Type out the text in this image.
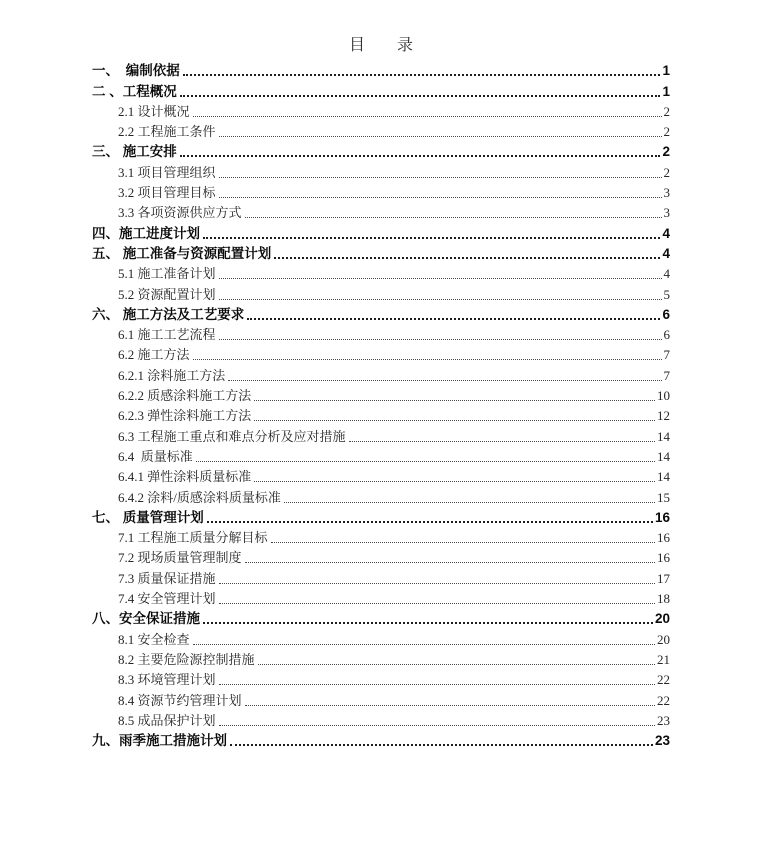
目　　录
一、　编制依据	1
二 、工程概况	1
2.1 设计概况	2
2.2 工程施工条件	2
三、 施工安排	2
3.1 项目管理组织	2
3.2 项目管理目标	3
3.3 各项资源供应方式	3
四、施工进度计划	4
五、 施工准备与资源配置计划	4
5.1 施工准备计划	4
5.2 资源配置计划	5
六、 施工方法及工艺要求	6
6.1 施工工艺流程	6
6.2 施工方法	7
6.2.1 涂料施工方法	7
6.2.2 质感涂料施工方法	10
6.2.3 弹性涂料施工方法	12
6.3 工程施工重点和难点分析及应对措施	14
6.4  质量标准	14
6.4.1 弹性涂料质量标准	14
6.4.2 涂料/质感涂料质量标准	15
七、 质量管理计划	16
7.1 工程施工质量分解目标	16
7.2 现场质量管理制度	16
7.3 质量保证措施	17
7.4 安全管理计划	18
八、安全保证措施	20
8.1 安全检查	20
8.2 主要危险源控制措施	21
8.3 环境管理计划	22
8.4 资源节约管理计划	22
8.5 成品保护计划	23
九、雨季施工措施计划	23
